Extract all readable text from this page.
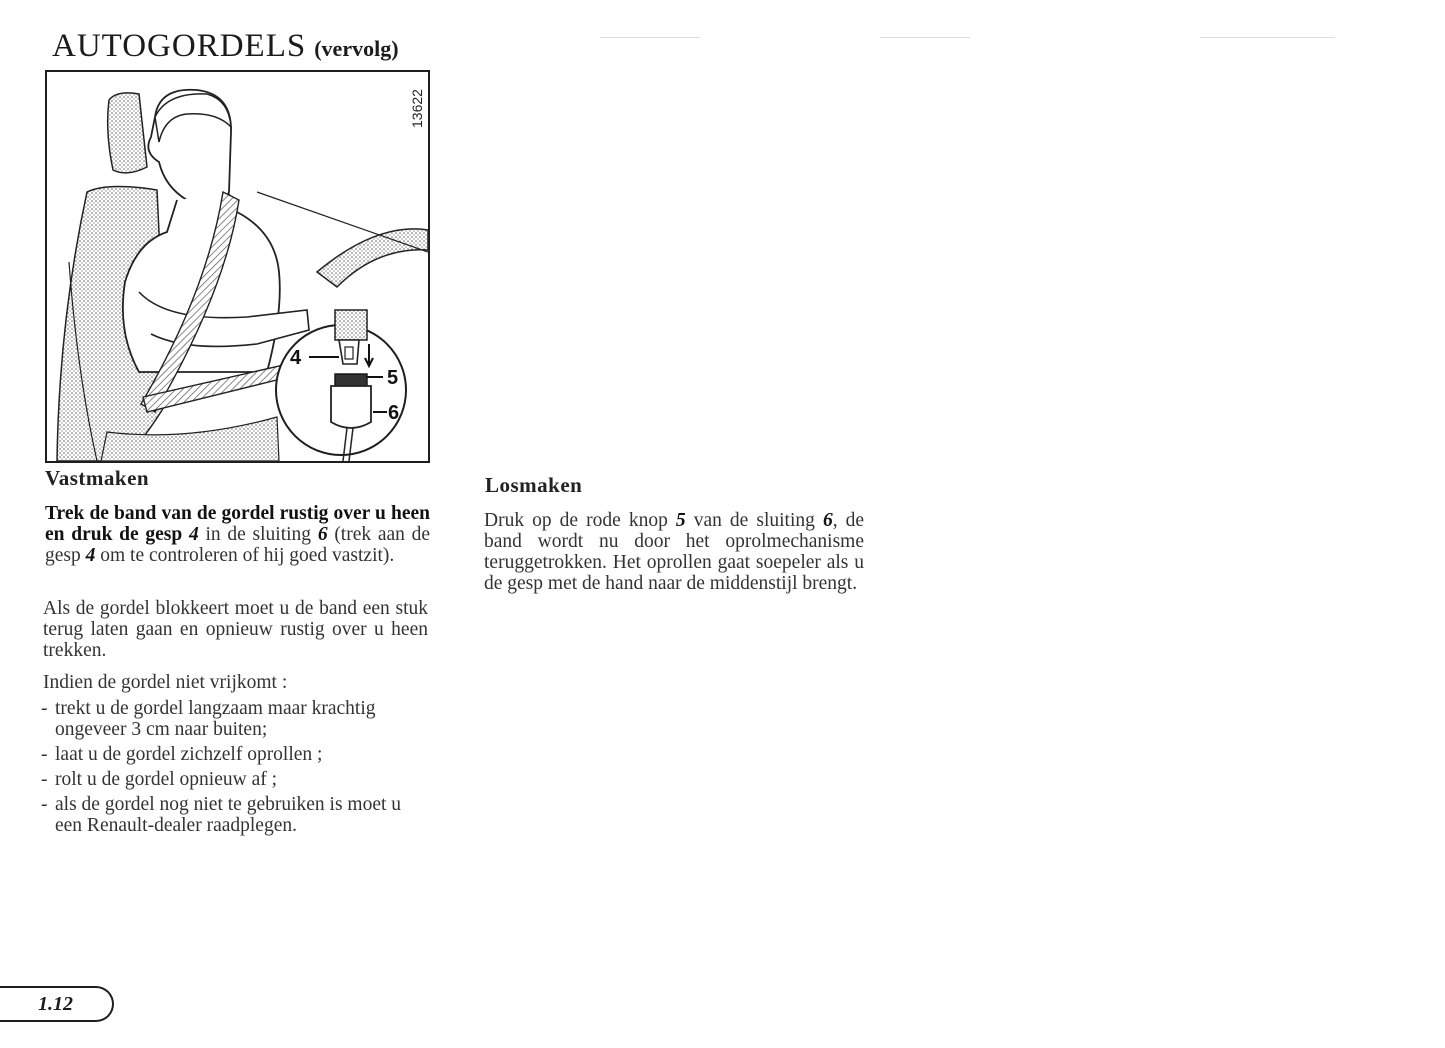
AUTOGORDELS (vervolg)
4
5
6
13622
Vastmaken
Trek de band van de gordel rustig over u heen en druk de gesp 4 in de sluiting 6 (trek aan de gesp 4 om te controleren of hij goed vastzit).
Als de gordel blokkeert moet u de band een stuk terug laten gaan en opnieuw rustig over u heen trekken.
Indien de gordel niet vrijkomt :
- trekt u de gordel langzaam maar krachtig ongeveer 3 cm naar buiten;
- laat u de gordel zichzelf oprollen ;
- rolt u de gordel opnieuw af ;
- als de gordel nog niet te gebruiken is moet u een Renault-dealer raadplegen.
Losmaken
Druk op de rode knop 5 van de sluiting 6, de band wordt nu door het oprolmechanisme teruggetrokken. Het oprollen gaat soepeler als u de gesp met de hand naar de middenstijl brengt.
1.12
